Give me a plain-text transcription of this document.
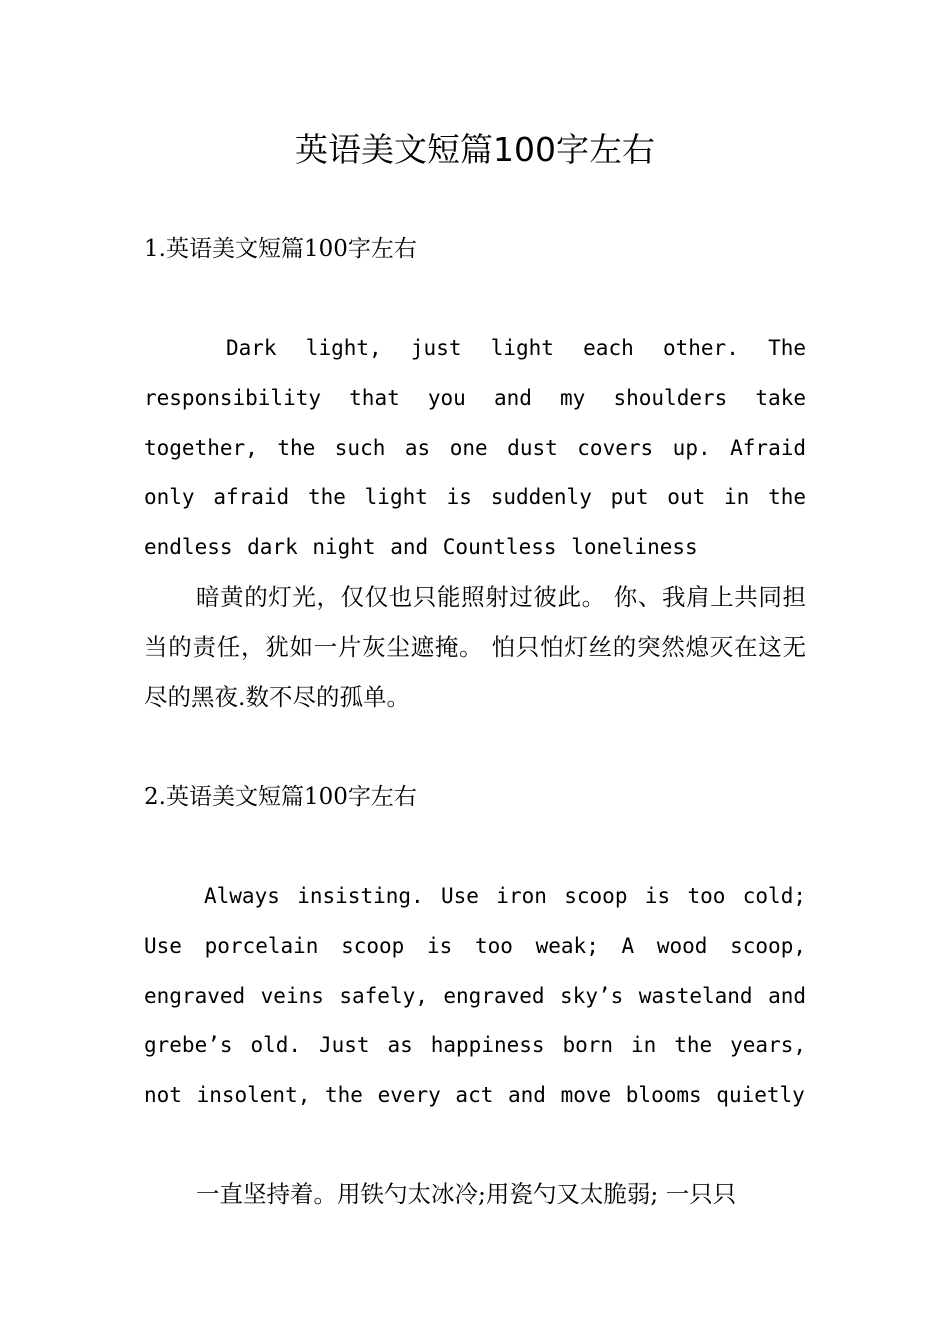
英语美文短篇100字左右
1.英语美文短篇100字左右

Dark light, just light each other. The responsibility that you and my shoulders take together, the such as one dust covers up. Afraid only afraid the light is suddenly put out in the endless dark night and Countless loneliness

暗黄的灯光，仅仅也只能照射过彼此。 你、我肩上共同担当的责任，犹如一片灰尘遮掩。 怕只怕灯丝的突然熄灭在这无尽的黑夜.数不尽的孤单。

2.英语美文短篇100字左右

Always insisting. Use iron scoop is too cold; Use porcelain scoop is too weak; A wood scoop, engraved veins safely, engraved sky’s wasteland and grebe’s old. Just as happiness born in the years, not insolent, the every act and move blooms quietly

一直坚持着。用铁勺太冰冷;用瓷勺又太脆弱; 一只只
